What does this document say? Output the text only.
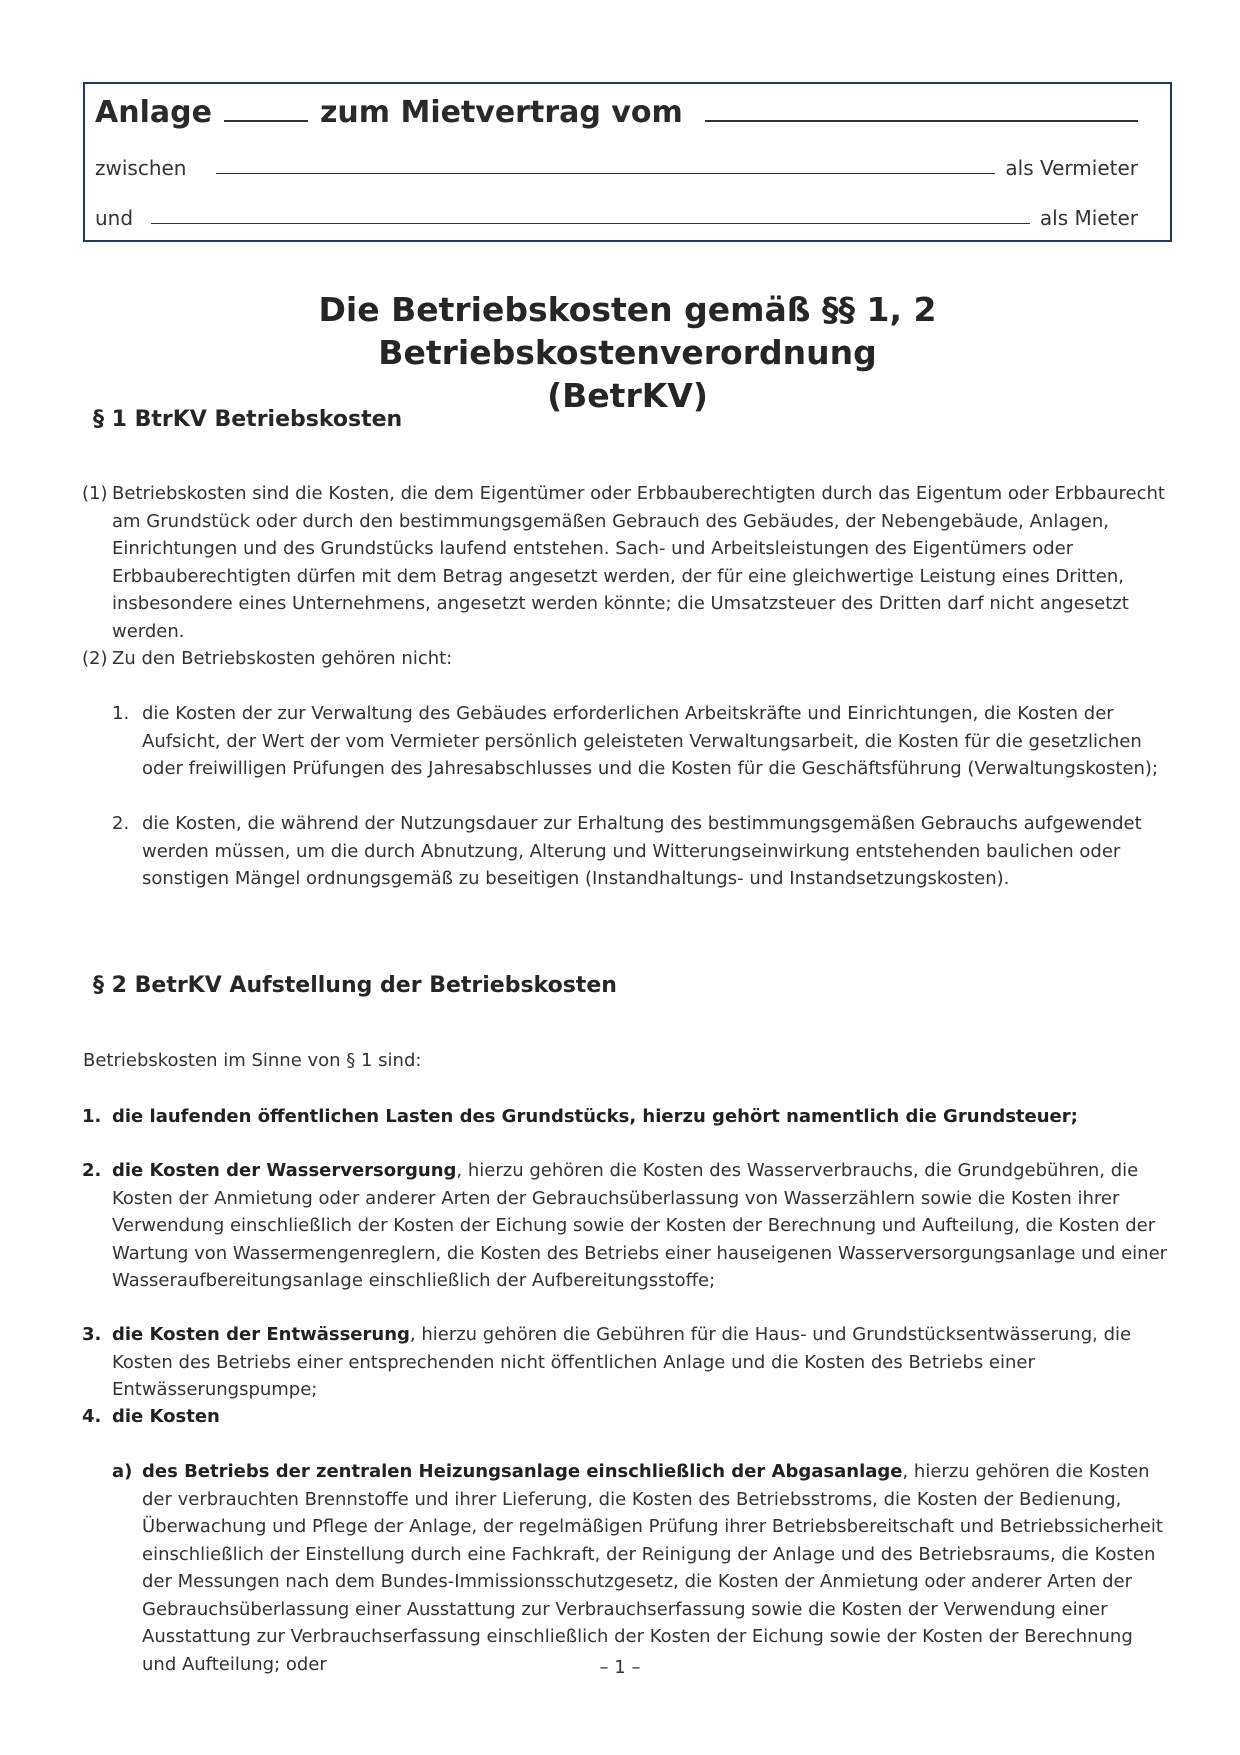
Anlage	zum Mietvertrag vom
zwischen	als Vermieter
und	als Mieter
Die Betriebskosten gemäß §§ 1, 2 Betriebskostenverordnung
(BetrKV)
§ 1 BtrKV Betriebskosten
(1) Betriebskosten sind die Kosten, die dem Eigentümer oder Erbbauberechtigten durch das Eigentum oder Erbbaurecht am Grundstück oder durch den bestimmungsgemäßen Gebrauch des Gebäudes, der Nebengebäude, Anlagen, Einrichtungen und des Grundstücks laufend entstehen. Sach- und Arbeitsleistungen des Eigentümers oder Erbbauberechtigten dürfen mit dem Betrag angesetzt werden, der für eine gleichwertige Leistung eines Dritten, insbesondere eines Unternehmens, angesetzt werden könnte; die Umsatzsteuer des Dritten darf nicht angesetzt werden.
(2) Zu den Betriebskosten gehören nicht:
1. die Kosten der zur Verwaltung des Gebäudes erforderlichen Arbeitskräfte und Einrichtungen, die Kosten der Aufsicht, der Wert der vom Vermieter persönlich geleisteten Verwaltungsarbeit, die Kosten für die gesetzlichen oder freiwilligen Prüfungen des Jahresabschlusses und die Kosten für die Geschäftsführung (Verwaltungskosten);
2. die Kosten, die während der Nutzungsdauer zur Erhaltung des bestimmungsgemäßen Gebrauchs aufgewendet werden müssen, um die durch Abnutzung, Alterung und Witterungseinwirkung entstehenden baulichen oder sonstigen Mängel ordnungsgemäß zu beseitigen (Instandhaltungs- und Instandsetzungskosten).
§ 2 BetrKV Aufstellung der Betriebskosten
Betriebskosten im Sinne von § 1 sind:
1. die laufenden öffentlichen Lasten des Grundstücks, hierzu gehört namentlich die Grundsteuer;
2. die Kosten der Wasserversorgung, hierzu gehören die Kosten des Wasserverbrauchs, die Grundgebühren, die Kosten der Anmietung oder anderer Arten der Gebrauchsüberlassung von Wasserzählern sowie die Kosten ihrer Verwendung einschließlich der Kosten der Eichung sowie der Kosten der Berechnung und Aufteilung, die Kosten der Wartung von Wassermengenreglern, die Kosten des Betriebs einer hauseigenen Wasserversorgungsanlage und einer Wasseraufbereitungsanlage einschließlich der Aufbereitungsstoffe;
3. die Kosten der Entwässerung, hierzu gehören die Gebühren für die Haus- und Grundstücksentwässerung, die Kosten des Betriebs einer entsprechenden nicht öffentlichen Anlage und die Kosten des Betriebs einer Entwässerungspumpe;
4. die Kosten
a) des Betriebs der zentralen Heizungsanlage einschließlich der Abgasanlage, hierzu gehören die Kosten der verbrauchten Brennstoffe und ihrer Lieferung, die Kosten des Betriebsstroms, die Kosten der Bedienung, Überwachung und Pflege der Anlage, der regelmäßigen Prüfung ihrer Betriebsbereitschaft und Betriebssicherheit einschließlich der Einstellung durch eine Fachkraft, der Reinigung der Anlage und des Betriebsraums, die Kosten der Messungen nach dem Bundes-Immissionsschutzgesetz, die Kosten der Anmietung oder anderer Arten der Gebrauchsüberlassung einer Ausstattung zur Verbrauchserfassung sowie die Kosten der Verwendung einer Ausstattung zur Verbrauchserfassung einschließlich der Kosten der Eichung sowie der Kosten der Berechnung und Aufteilung; oder	– 1 –
